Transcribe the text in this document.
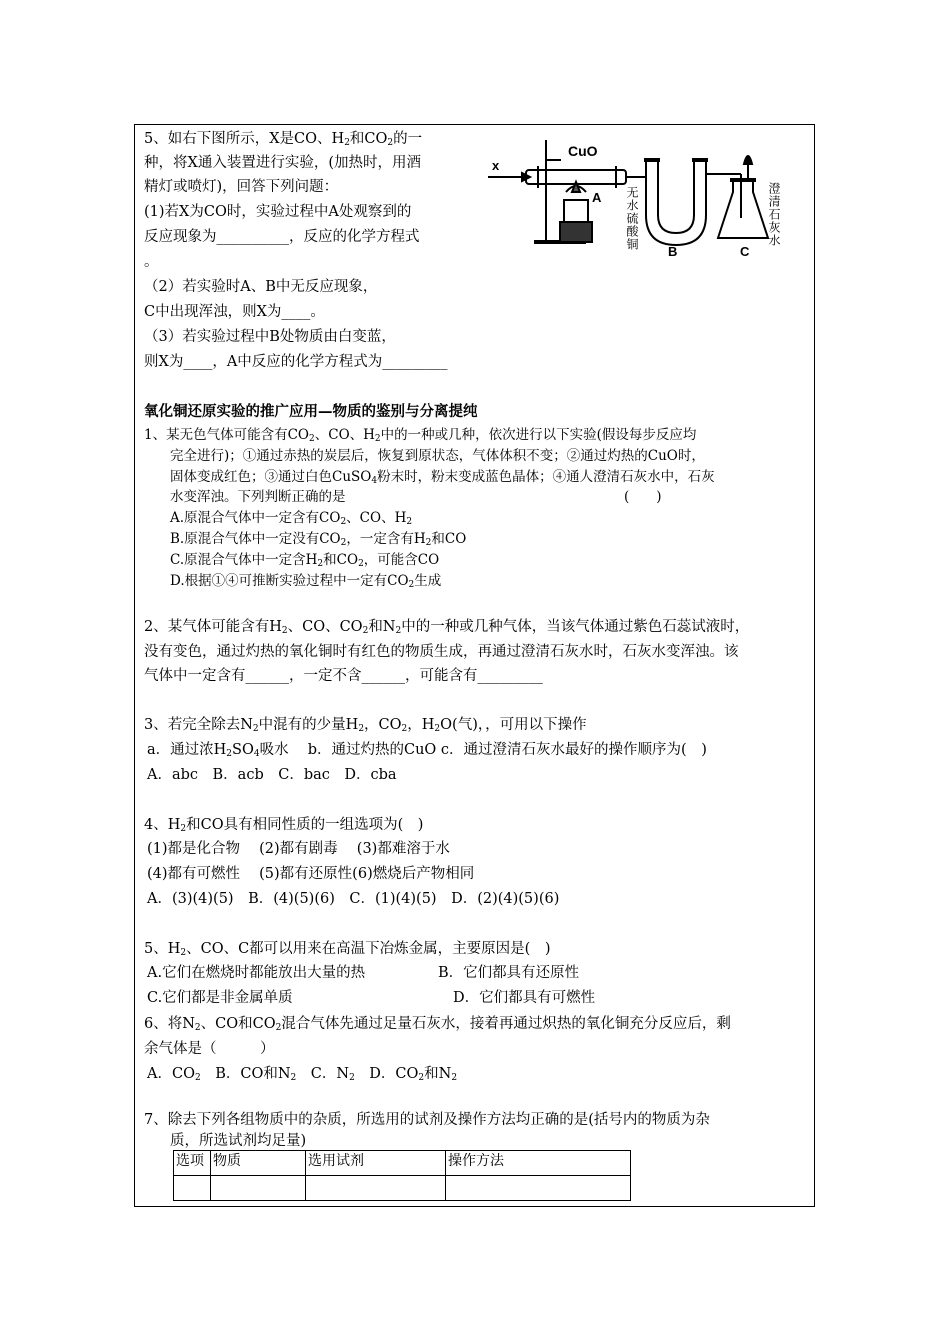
5、如右下图所示，X是CO、$H_2$和$CO_2$的一
种，将X通入装置进行实验，(加热时，用酒
精灯或喷灯)，回答下列问题：
(1)若X为CO时，实验过程中A处观察到的
反应现象为__________，反应的化学方程式
。
（2）若实验时A、B中无反应现象，
C中出现浑浊，则X为____。
（3）若实验过程中B处物质由白变蓝，
则X为____，A中反应的化学方程式为_________
CuO
x
A
B	C
无水硫酸铜	澄清石灰水
氧化铜还原实验的推广应用—物质的鉴别与分离提纯
1、某无色气体可能含有$CO_2$、CO、$H_2$中的一种或几种，依次进行以下实验(假设每步反应均
完全进行)；①通过赤热的炭层后，恢复到原状态，气体体积不变；②通过灼热的CuO时，
固体变成红色；③通过白色CuSO$_4$粉末时，粉末变成蓝色晶体；④通人澄清石灰水中，石灰
水变浑浊。下列判断正确的是	(　　)
A.原混合气体中一定含有$CO_2$、CO、$H_2$
B.原混合气体中一定没有$CO_2$，一定含有$H_2$和CO
C.原混合气体中一定含$H_2$和$CO_2$，可能含CO
D.根据①④可推断实验过程中一定有$CO_2$生成
2、某气体可能含有$H_2$、CO、$CO_2$和$N_2$中的一种或几种气体，当该气体通过紫色石蕊试液时，
没有变色，通过灼热的氧化铜时有红色的物质生成，再通过澄清石灰水时，石灰水变浑浊。该
气体中一定含有______，一定不含______，可能含有_________
3、若完全除去$N_2$中混有的少量$H_2$，$CO_2$，$H_2O$(气)，，可用以下操作
a．通过浓$H_2SO_4$吸水　 b．通过灼热的CuO c．通过澄清石灰水最好的操作顺序为(　)
A．abc　B．acb　C．bac　D．cba
4、$H_2$和CO具有相同性质的一组选项为(　)
(1)都是化合物　 (2)都有剧毒　 (3)都难溶于水
(4)都有可燃性　 (5)都有还原性(6)燃烧后产物相同
A．(3)(4)(5)　B．(4)(5)(6)　C．(1)(4)(5)　D．(2)(4)(5)(6)
5、$H_2$、CO、C都可以用来在高温下冶炼金属，主要原因是(　)
A.它们在燃烧时都能放出大量的热	B．它们都具有还原性
C.它们都是非金属单质	D．它们都具有可燃性
6、将$N_2$、CO和$CO_2$混合气体先通过足量石灰水，接着再通过炽热的氧化铜充分反应后，剩
余气体是（　　　）
A．$CO_2$　B．CO和$N_2$　C．$N_2$　D．$CO_2$和$N_2$
7、除去下列各组物质中的杂质，所选用的试剂及操作方法均正确的是(括号内的物质为杂
质，所选试剂均足量)
选项	物质	选用试剂	操作方法
